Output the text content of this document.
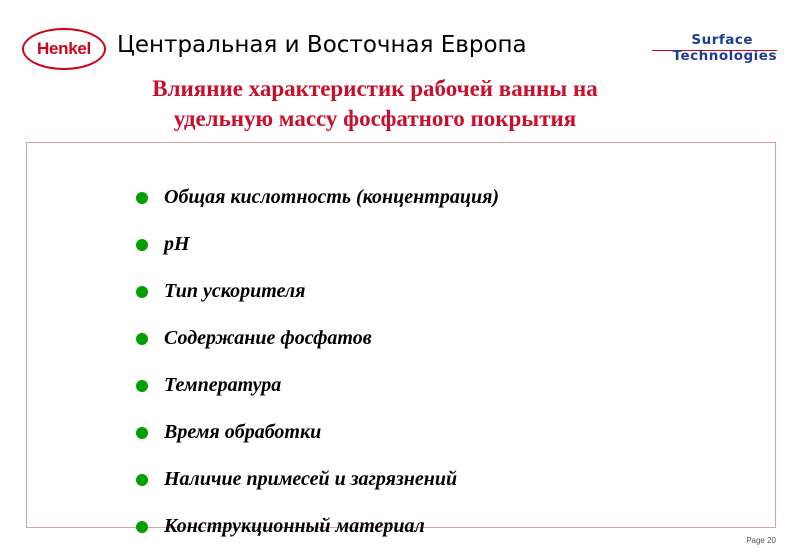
Henkel Центральная и Восточная Европа	Surface
Technologies
Влияние характеристик рабочей ванны на
удельную массу фосфатного покрытия
Общая кислотность (концентрация)
pH
Тип ускорителя
Содержание фосфатов
Температура
Время обработки
Наличие примесей и загрязнений
Конструкционный материал
Page 20
